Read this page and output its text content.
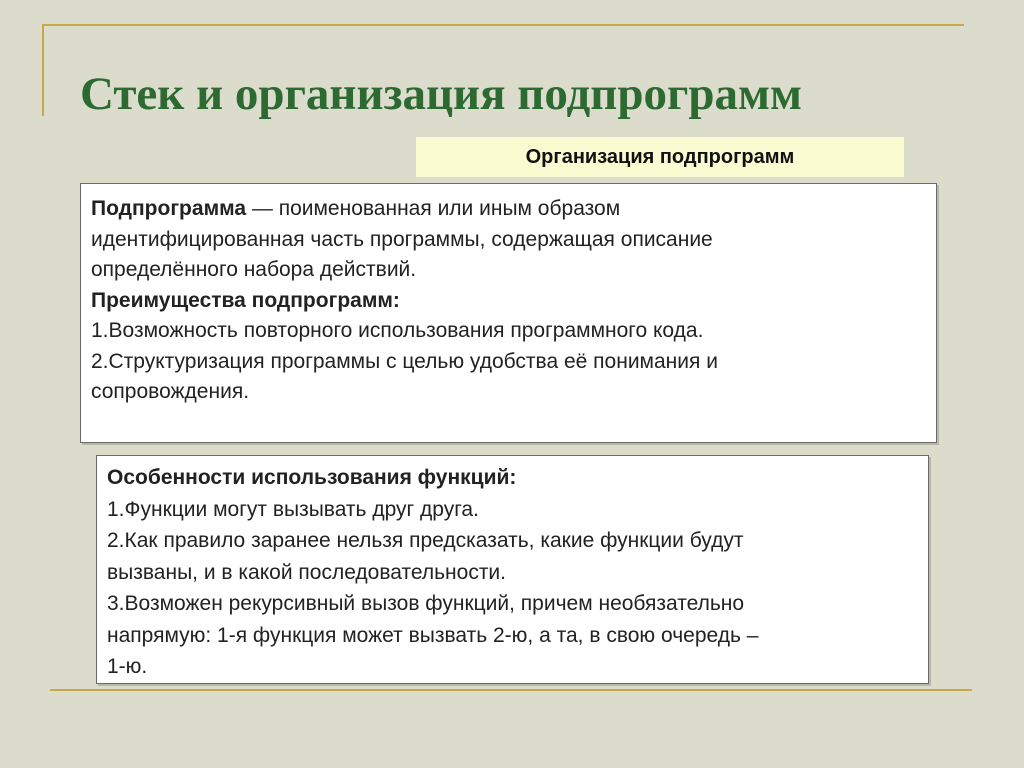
Стек и организация подпрограмм
Организация подпрограмм
Подпрограмма — поименованная или иным образом
идентифицированная часть программы, содержащая описание
определённого набора действий.
Преимущества подпрограмм:
1.Возможность повторного использования программного кода.
2.Структуризация программы с целью удобства её понимания и
сопровождения.
Особенности использования функций:
1.Функции могут вызывать друг друга.
2.Как правило заранее нельзя предсказать, какие функции будут
вызваны, и в какой последовательности.
3.Возможен рекурсивный вызов функций, причем необязательно
напрямую: 1-я функция может вызвать 2-ю, а та, в свою очередь –
1-ю.
